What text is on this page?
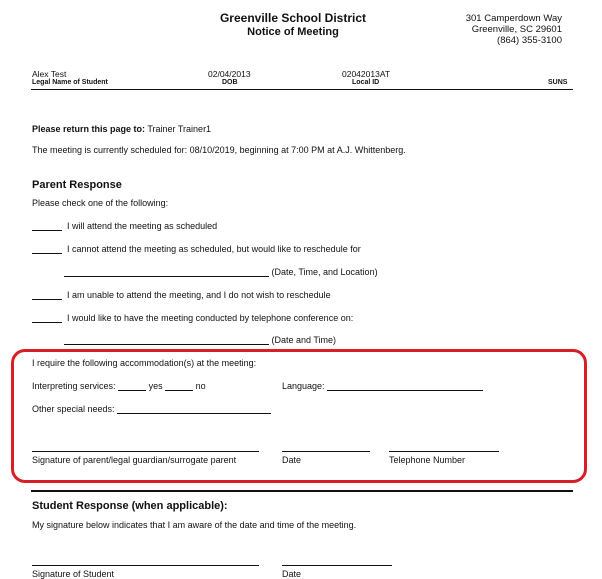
Greenville School District
Notice of Meeting
301 Camperdown Way
Greenville, SC 29601
(864) 355-3100
Alex Test	02/04/2013	02042013AT
Legal Name of Student	DOB	Local ID	SUNS
Please return this page to: Trainer Trainer1
The meeting is currently scheduled for: 08/10/2019, beginning at 7:00 PM at A.J. Whittenberg.
Parent Response
Please check one of the following:
I will attend the meeting as scheduled
I cannot attend the meeting as scheduled, but would like to reschedule for
(Date, Time, and Location)
I am unable to attend the meeting, and I do not wish to reschedule
I would like to have the meeting conducted by telephone conference on:
(Date and Time)
I require the following accommodation(s) at the meeting:
Interpreting services:	yes	no	Language:
Other special needs:
Signature of parent/legal guardian/surrogate parent	Date	Telephone Number
Student Response (when applicable):
My signature below indicates that I am aware of the date and time of the meeting.
Signature of Student	Date
